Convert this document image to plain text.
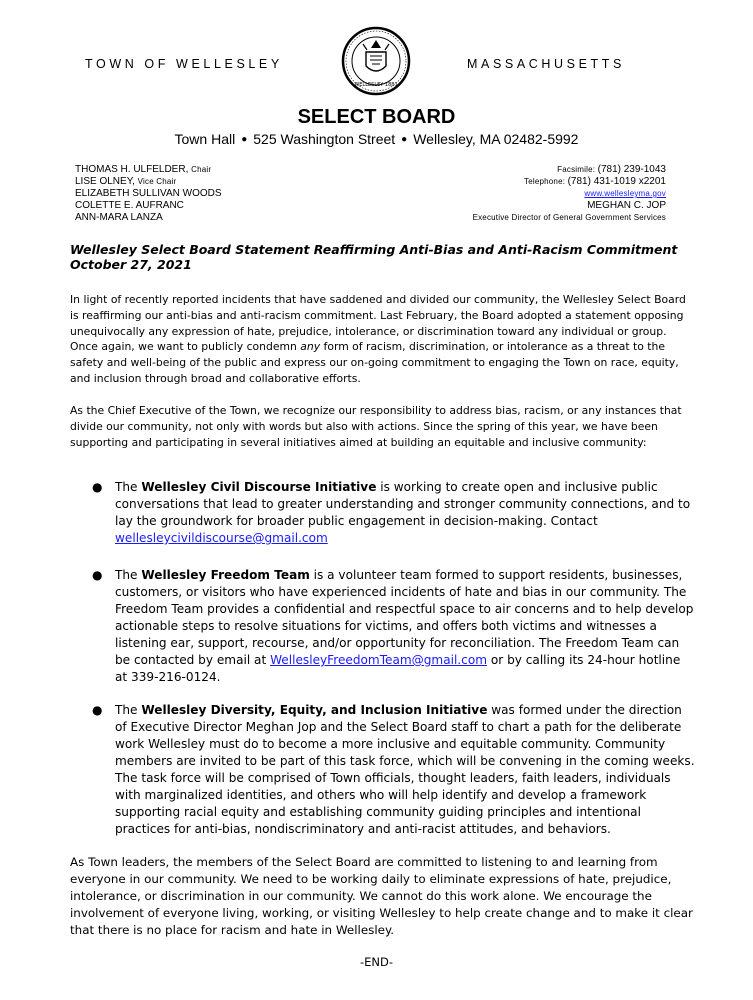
TOWN OF WELLESLEY
WELLESLEY 1881
MASSACHUSETTS
SELECT BOARD
Town Hall ● 525 Washington Street ● Wellesley, MA 02482-5992
THOMAS H. ULFELDER, Chair
LISE OLNEY, Vice Chair
ELIZABETH SULLIVAN WOODS
COLETTE E. AUFRANC
ANN-MARA LANZA
Facsimile: (781) 239-1043
Telephone: (781) 431-1019 x2201
www.wellesleyma.gov
MEGHAN C. JOP
Executive Director of General Government Services
Wellesley Select Board Statement Reaffirming Anti-Bias and Anti-Racism Commitment
October 27, 2021
In light of recently reported incidents that have saddened and divided our community, the Wellesley Select Board is reaffirming our anti-bias and anti-racism commitment. Last February, the Board adopted a statement opposing unequivocally any expression of hate, prejudice, intolerance, or discrimination toward any individual or group. Once again, we want to publicly condemn any form of racism, discrimination, or intolerance as a threat to the safety and well-being of the public and express our on-going commitment to engaging the Town on race, equity, and inclusion through broad and collaborative efforts.
As the Chief Executive of the Town, we recognize our responsibility to address bias, racism, or any instances that divide our community, not only with words but also with actions. Since the spring of this year, we have been supporting and participating in several initiatives aimed at building an equitable and inclusive community:
● The Wellesley Civil Discourse Initiative is working to create open and inclusive public conversations that lead to greater understanding and stronger community connections, and to lay the groundwork for broader public engagement in decision-making. Contact wellesleycivildiscourse@gmail.com
● The Wellesley Freedom Team is a volunteer team formed to support residents, businesses, customers, or visitors who have experienced incidents of hate and bias in our community. The Freedom Team provides a confidential and respectful space to air concerns and to help develop actionable steps to resolve situations for victims, and offers both victims and witnesses a listening ear, support, recourse, and/or opportunity for reconciliation. The Freedom Team can be contacted by email at WellesleyFreedomTeam@gmail.com or by calling its 24-hour hotline at 339-216-0124.
● The Wellesley Diversity, Equity, and Inclusion Initiative was formed under the direction of Executive Director Meghan Jop and the Select Board staff to chart a path for the deliberate work Wellesley must do to become a more inclusive and equitable community. Community members are invited to be part of this task force, which will be convening in the coming weeks. The task force will be comprised of Town officials, thought leaders, faith leaders, individuals with marginalized identities, and others who will help identify and develop a framework supporting racial equity and establishing community guiding principles and intentional practices for anti-bias, nondiscriminatory and anti-racist attitudes, and behaviors.
As Town leaders, the members of the Select Board are committed to listening to and learning from everyone in our community. We need to be working daily to eliminate expressions of hate, prejudice, intolerance, or discrimination in our community. We cannot do this work alone. We encourage the involvement of everyone living, working, or visiting Wellesley to help create change and to make it clear that there is no place for racism and hate in Wellesley.
-END-
